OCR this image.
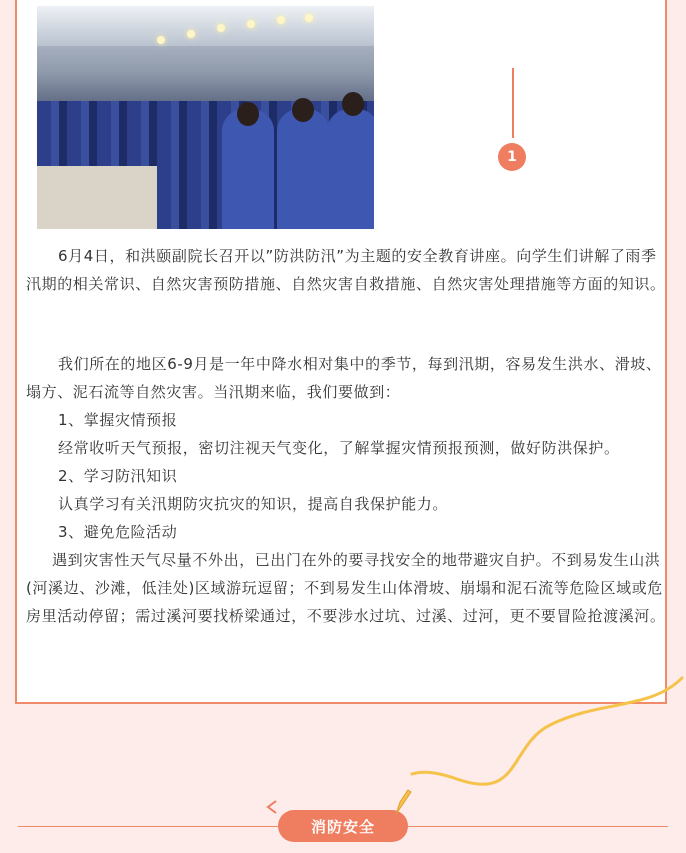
1

6月4日，和洪颐副院长召开以”防洪防汛”为主题的安全教育讲座。向学生们讲解了雨季汛期的相关常识、自然灾害预防措施、自然灾害自救措施、自然灾害处理措施等方面的知识。

我们所在的地区6-9月是一年中降水相对集中的季节，每到汛期，容易发生洪水、滑坡、塌方、泥石流等自然灾害。当汛期来临，我们要做到：

1、掌握灾情预报

经常收听天气预报，密切注视天气变化，了解掌握灾情预报预测，做好防洪保护。

2、学习防汛知识

认真学习有关汛期防灾抗灾的知识，提高自我保护能力。

3、避免危险活动

遇到灾害性天气尽量不外出，已出门在外的要寻找安全的地带避灾自护。不到易发生山洪(河溪边、沙滩，低洼处)区域游玩逗留；不到易发生山体滑坡、崩塌和泥石流等危险区域或危房里活动停留；需过溪河要找桥梁通过，不要涉水过坑、过溪、过河，更不要冒险抢渡溪河。

消防安全
